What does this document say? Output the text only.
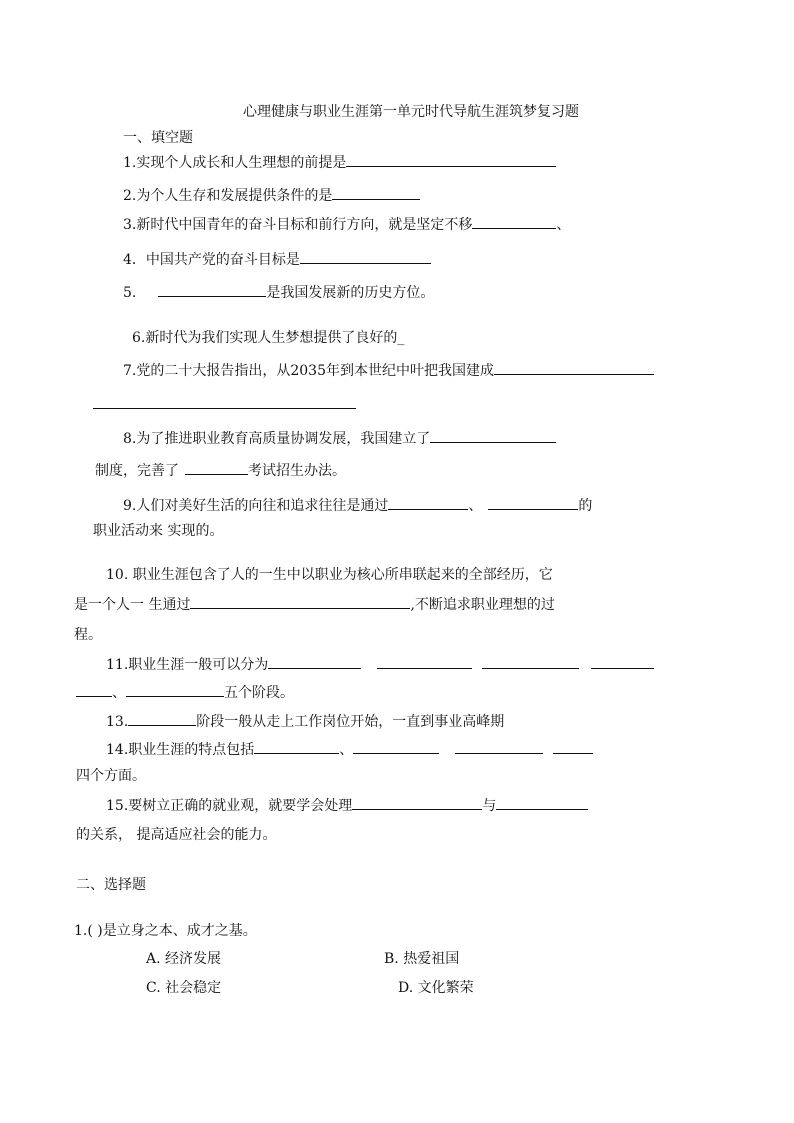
心理健康与职业生涯第一单元时代导航生涯筑梦复习题
一、填空题
1.实现个人成长和人生理想的前提是
2.为个人生存和发展提供条件的是
3.新时代中国青年的奋斗目标和前行方向，就是坚定不移	、
4．中国共产党的奋斗目标是
5.	是我国发展新的历史方位。
6.新时代为我们实现人生梦想提供了良好的_
7.党的二十大报告指出，从2035年到本世纪中叶把我国建成
8.为了推进职业教育高质量协调发展，我国建立了
制度，完善了	考试招生办法。
9.人们对美好生活的向往和追求往往是通过	、	的
职业活动来 实现的。
10. 职业生涯包含了人的一生中以职业为核心所串联起来的全部经历，它
是一个人一 生通过	,不断追求职业理想的过
程。
11.职业生涯一般可以分为
、	五个阶段。
13.	阶段一般从走上工作岗位开始，一直到事业高峰期
14.职业生涯的特点包括	、
四个方面。
15.要树立正确的就业观，就要学会处理	与
的关系， 提高适应社会的能力。
二、选择题
1.( )是立身之本、成才之基。
A. 经济发展	B. 热爱祖国
C. 社会稳定	D. 文化繁荣
